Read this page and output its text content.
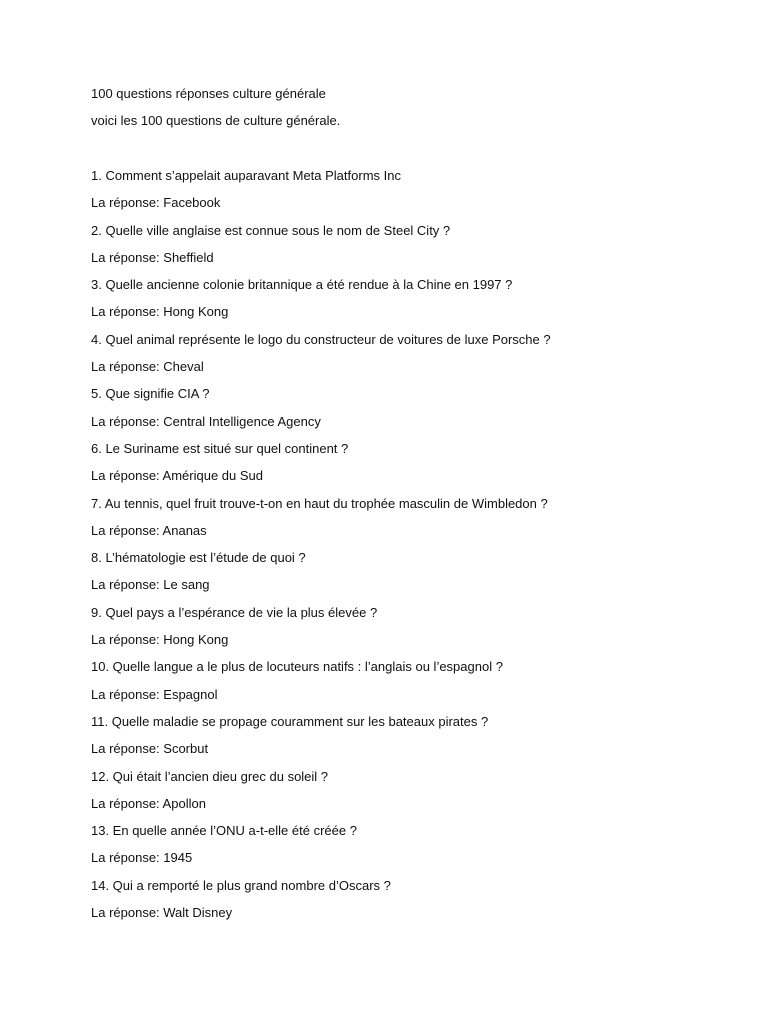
100 questions réponses culture générale

voici les 100 questions de culture générale.

1. Comment s’appelait auparavant Meta Platforms Inc

La réponse: Facebook

2. Quelle ville anglaise est connue sous le nom de Steel City ?

La réponse: Sheffield

3. Quelle ancienne colonie britannique a été rendue à la Chine en 1997 ?

La réponse: Hong Kong

4. Quel animal représente le logo du constructeur de voitures de luxe Porsche ?

La réponse: Cheval

5. Que signifie CIA ?

La réponse: Central Intelligence Agency

6. Le Suriname est situé sur quel continent ?

La réponse: Amérique du Sud

7. Au tennis, quel fruit trouve-t-on en haut du trophée masculin de Wimbledon ?

La réponse: Ananas

8. L’hématologie est l’étude de quoi ?

La réponse: Le sang

9. Quel pays a l’espérance de vie la plus élevée ?

La réponse: Hong Kong

10. Quelle langue a le plus de locuteurs natifs : l’anglais ou l’espagnol ?

La réponse: Espagnol

11. Quelle maladie se propage couramment sur les bateaux pirates ?

La réponse: Scorbut

12. Qui était l’ancien dieu grec du soleil ?

La réponse: Apollon

13. En quelle année l’ONU a-t-elle été créée ?

La réponse: 1945

14. Qui a remporté le plus grand nombre d’Oscars ?

La réponse: Walt Disney
